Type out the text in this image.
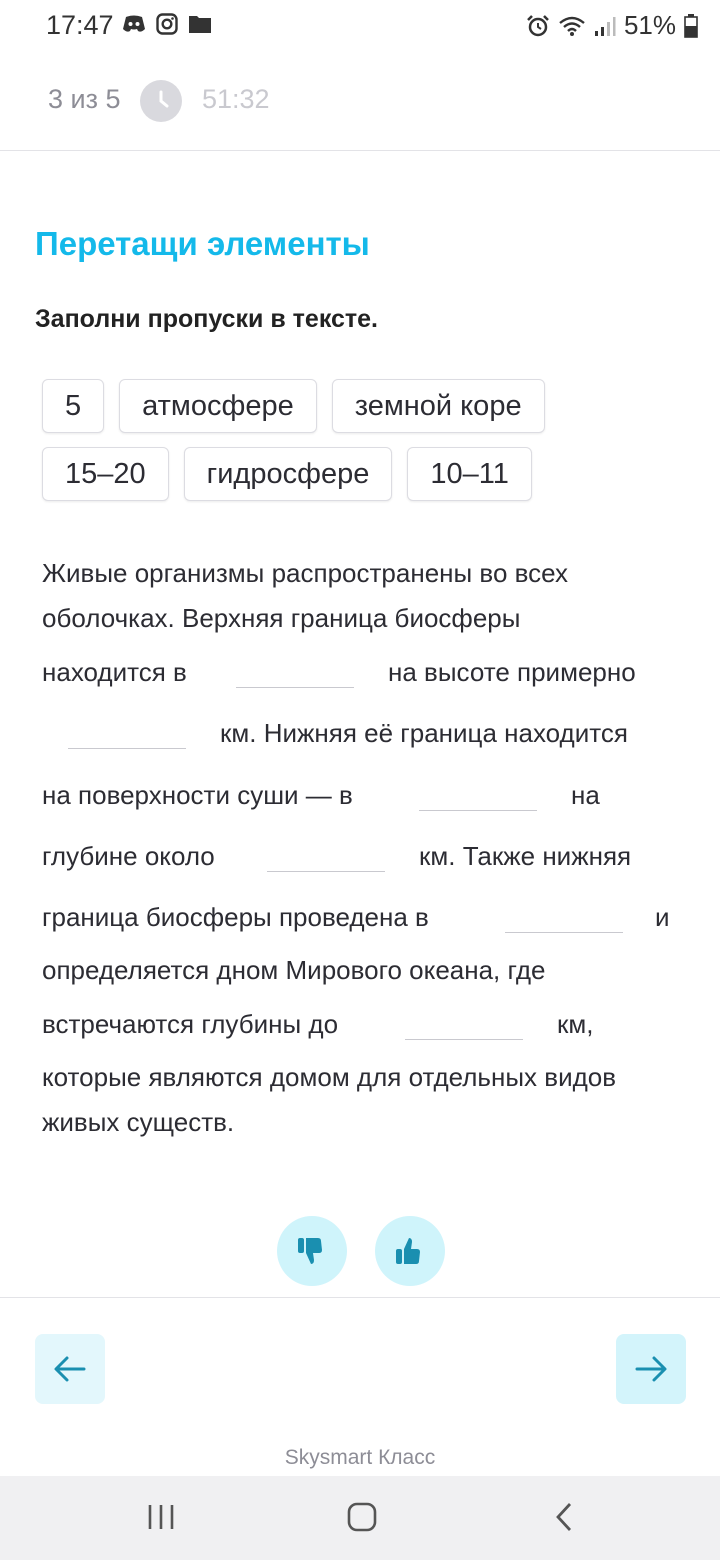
17:47	51%
3 из 5	51:32
Перетащи элементы
Заполни пропуски в тексте.
5	атмосфере	земной коре
15–20	гидросфере	10–11
Живые организмы распространены во всех
оболочках. Верхняя граница биосферы
находится в	на высоте примерно
км. Нижняя её граница находится
на поверхности суши — в	на
глубине около	км. Также нижняя
граница биосферы проведена в	и
определяется дном Мирового океана, где
встречаются глубины до	км,
которые являются домом для отдельных видов
живых существ.
Skysmart Класс
